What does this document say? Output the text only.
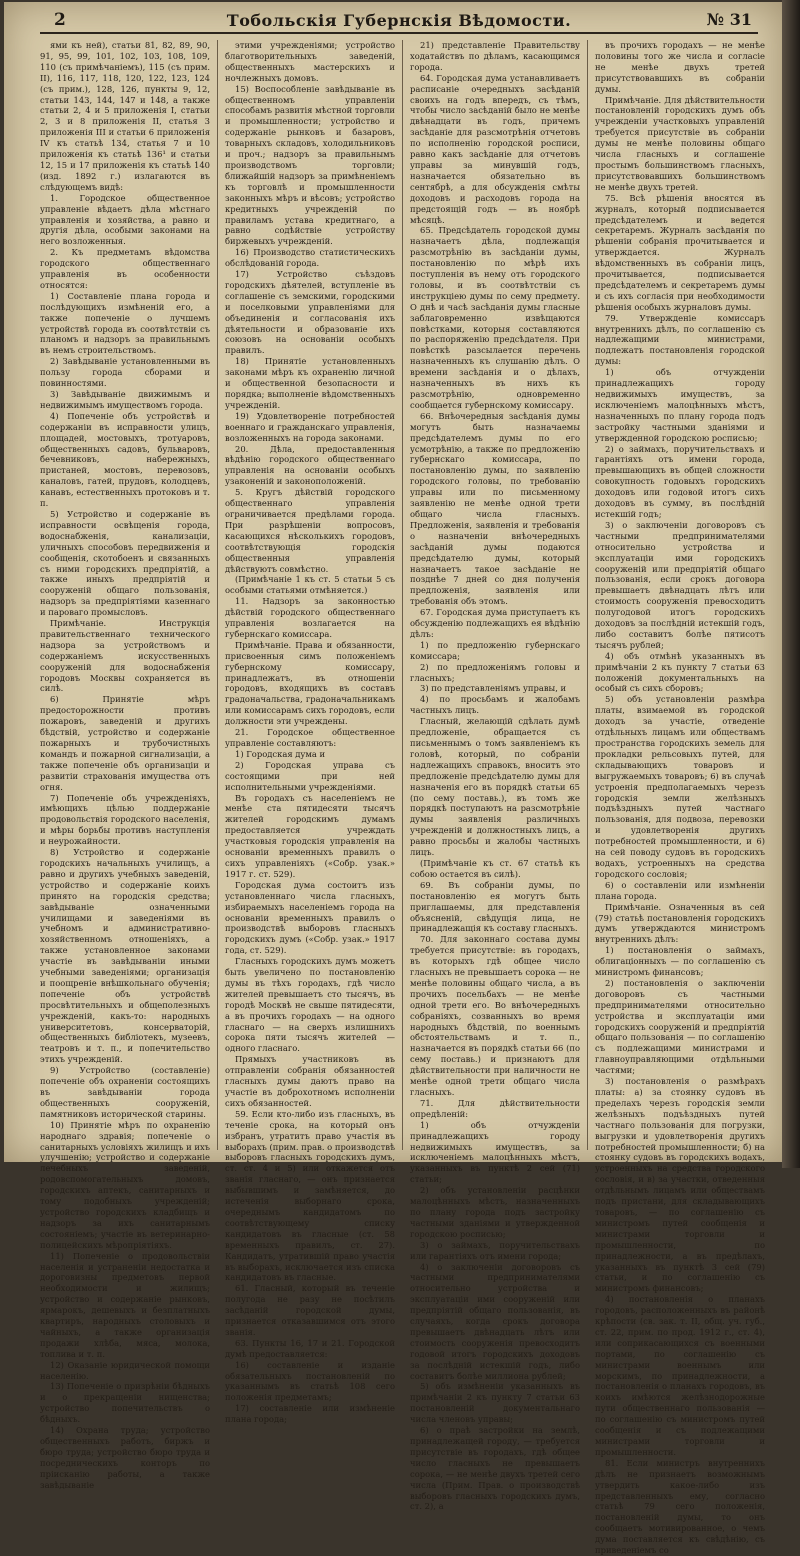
2	Тобольскія Губернскія Вѣдомости.	№ 31

ями къ ней), статьи 81, 82, 89, 90, 91, 95, 99, 101, 102, 103, 108, 109, 110 (съ примѣчаніемъ), 115 (съ прим. II), 116, 117, 118, 120, 122, 123, 124 (съ прим.), 128, 126, пункты 9, 12, статьи 143, 144, 147 и 148, а также статьи 2, 4 и 5 приложенія I, статьи 2, 3 и 8 приложенія II, статья 3 приложенія III и статьи 6 приложенія IV къ статьѣ 134, статья 7 и 10 приложенія къ статьѣ 136¹ и статьи 12, 15 и 17 приложенія къ статьѣ 140 (изд. 1892 г.) излагаются въ слѣдующемъ видѣ:

1. Городское общественное управленіе вѣдаетъ дѣла мѣстнаго управленія и хозяйства, а равно и другія дѣла, особыми законами на него возложенныя.

2. Къ предметамъ вѣдомства городского общественнаго управленія въ особенности относятся:

1) Составленіе плана города и послѣдующихъ измѣненій его, а также попеченіе о лучшемъ устройствѣ города въ соотвѣтствіи съ планомъ и надзоръ за правильнымъ въ немъ строительствомъ.

2) Завѣдываніе установленными въ пользу города сборами и повинностями.

3) Завѣдываніе движимымъ и недвижимымъ имуществомъ города.

4) Попеченіе объ устройствѣ и содержаніи въ исправности улицъ, площадей, мостовыхъ, тротуаровъ, общественныхъ садовъ, бульваровъ, бечевниковъ, набережныхъ, пристаней, мостовъ, перевозовъ, каналовъ, гатей, прудовъ, колодцевъ, канавъ, естественныхъ протоковъ и т. п.

5) Устройство и содержаніе въ исправности освѣщенія города, водоснабженія, канализаціи, уличныхъ способовъ передвиженія и сообщенія, скотобоенъ и связанныхъ съ ними городскихъ предпріятій, а также иныхъ предпріятій и сооруженій общаго пользованія, надзоръ за предпріятіями казеннаго и пароваго промысловъ.

Примѣчаніе. Инструкція правительственнаго технического надзора за устройствомъ и содержаніемъ искусственныхъ сооруженій для водоснабженія городовъ Москвы сохраняется въ силѣ.

6) Принятіе мѣръ предосторожности противъ пожаровъ, заведеній и другихъ бѣдствій, устройство и содержаніе пожарныхъ и трубочистныхъ командъ и пожарной сигнализаціи, а также попеченіе объ организаціи и развитіи страхованія имущества отъ огня.

7) Попеченіе объ учрежденіяхъ, имѣющихъ цѣлью поддержаніе продовольствія городского населенія, и мѣры борьбы противъ наступленія и неурожайности.

8) Устройство и содержаніе городскихъ начальныхъ училищъ, а равно и другихъ учебныхъ заведеній, устройство и содержаніе коихъ принято на городскія средства; завѣдываніе означенными училищами и заведеніями въ учебномъ и административно-хозяйственномъ отношеніяхъ, а также установленное законами участіе въ завѣдываніи иными учебными заведеніями; организація и поощреніе внѣшкольнаго обученія; попеченіе объ устройствѣ просвѣтительныхъ и общеполезныхъ учрежденій, какъ-то: народныхъ университетовъ, консерваторій, общественныхъ библіотекъ, музеевъ, театровъ и т. п., и попечительство этихъ учрежденій.

9) Устройство (составленіе) попеченіе объ охраненіи состоящихъ въ завѣдываніи города общественныхъ сооруженій, памятниковъ исторической старины.

10) Принятіе мѣръ по охраненію народнаго здравія; попеченіе о санитарныхъ условіяхъ жилищъ и ихъ улучшенію; устройство и содержаніе лечебныхъ заведеній, родовспомогательныхъ домовъ, городскихъ аптекъ, санитарныхъ и тому подобныхъ учрежденій; устройство городскихъ кладбищъ и надзоръ за ихъ санитарнымъ состояніемъ; участіе въ ветеринарно-полицейскихъ мѣропріятіяхъ.

11) Попеченіе о продовольствіи населенія и устраненіи недостатка и дороговизны предметовъ первой необходимости и жилищъ; устройство и содержаніе рынковъ, ярмарокъ, дешевыхъ и безплатныхъ квартиръ, народныхъ столовыхъ и чайныхъ, а также организація продажи хлѣба, мяса, молока, топлива и т. п.

12) Оказаніе юридической помощи населенію.

13) Попеченіе о призрѣніи бѣдныхъ и о прекращеніи нищенства; устройство попечительствъ о бѣдныхъ.

14) Охрана труда; устройство общественныхъ работъ, биржъ и бюро труда; устройство бюро труда и посредническихъ конторъ по пріисканію работы, а также завѣдываніе

этими учрежденіями; устройство благотворительныхъ заведеній, общественныхъ мастерскихъ и ночлежныхъ домовъ.

15) Воспособленіе завѣдываніе въ общественномъ управленіи способамъ развитія мѣстной торговли и промышленности; устройство и содержаніе рынковъ и базаровъ, товарныхъ складовъ, холодильниковъ и проч.; надзоръ за правильнымъ производствомъ торговли; ближайшій надзоръ за примѣненіемъ къ торговлѣ и промышленности законныхъ мѣръ и вѣсовъ; устройство кредитныхъ учрежденій по правиламъ устава кредитнаго, а равно содѣйствіе устройству биржевыхъ учрежденій.

16) Производство статистическихъ обслѣдованій города.

17) Устройство съѣздовъ городскихъ дѣятелей, вступленіе въ соглашеніе съ земскими, городскими и поселковыми управленіями для объединенія и согласованія ихъ дѣятельности и образованіе ихъ союзовъ на основаніи особыхъ правилъ.

18) Принятіе установленныхъ законами мѣръ къ охраненію личной и общественной безопасности и порядка; выполненіе вѣдомственныхъ учрежденій.

19) Удовлетвореніе потребностей военнаго и гражданскаго управленія, возложенныхъ на города законами.

20. Дѣла, предоставленныя вѣдѣнію городского общественнаго управленія на основаніи особыхъ узаконеній и законоположеній.

5. Кругъ дѣйствій городского общественнаго управленія ограничивается предѣлами города. При разрѣшеніи вопросовъ, касающихся нѣсколькихъ городовъ, соотвѣтствующія городскія общественныя управленія дѣйствуютъ совмѣстно.

(Примѣчаніе 1 къ ст. 5 статьи 5 съ особыми статьями отмѣняется.)

11. Надзоръ за законностью дѣйствій городского общественнаго управленія возлагается на губернскаго комиссара.

Примѣчаніе. Права и обязанности, присвоенныя симъ положеніемъ губернскому комиссару, принадлежатъ, въ отношеніи городовъ, входящихъ въ составъ градоначальства, градоначальникамъ или комиссарамъ сихъ городовъ, если должности эти учреждены.

21. Городское общественное управленіе составляютъ:

1) Городская дума и

2) Городская управа съ состоящими при ней исполнительными учрежденіями.

Въ городахъ съ населеніемъ не менѣе ста пятидесяти тысячъ жителей городскимъ думамъ предоставляется учреждать участковыя городскія управленія на основаніи временныхъ правилъ о сихъ управленіяхъ («Собр. узак.» 1917 г. ст. 529).

Городская дума состоитъ изъ установленнаго числа гласныхъ, избираемыхъ населеніемъ города на основаніи временныхъ правилъ о производствѣ выборовъ гласныхъ городскихъ думъ («Собр. узак.» 1917 года, ст. 529).

Гласныхъ городскихъ думъ можетъ быть увеличено по постановленію думы въ тѣхъ городахъ, гдѣ число жителей превышаетъ сто тысячъ, въ городѣ Москвѣ не свыше пятидесяти, а въ прочихъ городахъ — на одного гласнаго — на сверхъ излишнихъ сорока пяти тысячъ жителей — одного гласнаго.

Прямыхъ участниковъ въ отправленіи собранія обязанностей гласныхъ думы даютъ право на участіе въ доброхотномъ исполненіи сихъ обязанностей.

59. Если кто-либо изъ гласныхъ, въ теченіе срока, на который онъ избранъ, утратитъ право участія въ выборахъ (прим. прав. о производствѣ выборовъ гласныхъ городскихъ думъ, ст. ст. 4 и 5) или откажется отъ званія гласнаго, — онъ признается выбывшимъ и замѣняется, до истеченія выборнаго срока, очереднымъ кандидатомъ по соотвѣтствующему списку кандидатовъ въ гласные (ст. 58 временныхъ правилъ, ст. 27). Кандидатъ, утратившій право участія въ выборахъ, исключается изъ списка кандидатовъ въ гласные.

61. Гласный, который въ теченіе полугода не разу не посѣтилъ засѣданій городской думы, признается отказавшимся отъ этого званія.

63. Пункты 16, 17 и 21. Городской думѣ предоставляется:

16) составленіе и изданіе обязательныхъ постановленій по указаннымъ въ статьѣ 108 сего положенія предметамъ;

17) составленіе или измѣненіе плана города;

21) представленіе Правительству ходатайствъ по дѣламъ, касающимся города.

64. Городская дума устанавливаетъ расписаніе очередныхъ засѣданій своихъ на годъ впередъ, съ тѣмъ, чтобы число засѣданій было не менѣе двѣнадцати въ годъ, причемъ засѣданіе для разсмотрѣнія отчетовъ по исполненію городской росписи, равно какъ засѣданіе для отчетовъ управы за минувшій годъ, назначается обязательно въ сентябрѣ, а для обсужденія смѣты доходовъ и расходовъ города на предстоящій годъ — въ ноябрѣ мѣсяцѣ.

65. Предсѣдатель городской думы назначаетъ дѣла, подлежащія разсмотрѣнію въ засѣданіи думы, постановленію по мѣрѣ ихъ поступленія въ нему отъ городского головы, и въ соотвѣтствіи съ инструкціею думы по сему предмету. О днѣ и часѣ засѣданія думы гласные заблаговременно извѣщаются повѣстками, которыя составляются по распоряженію предсѣдателя. При повѣсткѣ разсылается перечень назначенныхъ къ слушанію дѣлъ. О времени засѣданія и о дѣлахъ, назначенныхъ въ нихъ къ разсмотрѣнію, одновременно сообщается губернскому комиссару.

66. Внѣочередныя засѣданія думы могутъ быть назначаемы предсѣдателемъ думы по его усмотрѣнію, а также по предложенію губернскаго комиссара, по постановленію думы, по заявленію городского головы, по требованію управы или по письменному заявленію не менѣе одной трети общаго числа гласныхъ. Предложенія, заявленія и требованія о назначеніи внѣочередныхъ засѣданій думы подаются предсѣдателю думы, который назначаетъ такое засѣданіе не позднѣе 7 дней со дня полученія предложенія, заявленія или требованія объ этомъ.

67. Городская дума приступаетъ къ обсужденію подлежащихъ ея вѣдѣнію дѣлъ:

1) по предложенію губернскаго комиссара;

2) по предложеніямъ головы и гласныхъ;

3) по представленіямъ управы, и

4) по просьбамъ и жалобамъ частныхъ лицъ.

Гласный, желающій сдѣлать думѣ предложеніе, обращается съ письменнымъ о томъ заявленіемъ къ головѣ, который, по собраніи надлежащихъ справокъ, вноситъ это предложеніе предсѣдателю думы для назначенія его въ порядкѣ статьи 65 (по сему поставь.), въ томъ же порядкѣ поступаютъ на разсмотрѣніе думы заявленія различныхъ учрежденій и должностныхъ лицъ, а равно просьбы и жалобы частныхъ лицъ.

(Примѣчаніе къ ст. 67 статьѣ къ собою остается въ силѣ).

69. Въ собраніи думы, по постановленію ея могутъ быть приглашаемы, для представленія объясненій, свѣдущія лица, не принадлежащія къ составу гласныхъ.

70. Для законнаго состава думы требуется присутствіе: въ городахъ, въ которыхъ гдѣ общее число гласныхъ не превышаетъ сорока — не менѣе половины общаго числа, а въ прочихъ посельбахъ — не менѣе одной трети его. Во внѣочередныхъ собраніяхъ, созванныхъ во время народныхъ бѣдствій, по военнымъ обстоятельствамъ и т. п., назначается въ порядкѣ статьи 66 (по сему поставь.) и признаютъ для дѣйствительности при наличности не менѣе одной трети общаго числа гласныхъ.

71. Для дѣйствительности опредѣленій:

1) объ отчужденіи принадлежащихъ городу недвижимыхъ имуществъ, за исключеніемъ малоцѣнныхъ мѣстъ, указанныхъ въ пунктѣ 2 сей (71) статьи;

2) объ установленіи расцѣнки малоцѣнныхъ мѣстъ, назначенныхъ по плану города подъ застройку частными зданіями и утвержденной городскою росписью;

3) о займахъ, поручительствахъ или гарантіяхъ отъ имени города;

4) о заключеніи договоровъ съ частными предпринимателями относительно устройства и эксплуатаціи ими сооруженій или предпріятій общаго пользованія, въ случаяхъ, когда срокъ договора превышаетъ двѣнадцать лѣтъ или стоимость сооруженія превосходитъ годовой итогъ городскихъ доходовъ за послѣдній истекшій годъ, либо составитъ болѣе миллиона рублей;

5) объ измѣненіи указанныхъ въ примѣчаніи 2 къ пункту 7 статьи 63 постановленій документальнаго числа членовъ управы;

6) о праѣ застройки на землѣ, принадлежащей городу, — требуется присутствіе въ городахъ, гдѣ общее число гласныхъ не превышаетъ сорока, — не менѣе двухъ третей сего числа (Прим. Прав. о производствѣ выборовъ гласныхъ городскихъ думъ, ст. 2), а

въ прочихъ городахъ — не менѣе половины того же числа и согласіе не менѣе двухъ третей присутствовавшихъ въ собраніи думы.

Примѣчаніе. Для дѣйствительности постановленій городскихъ думъ объ учрежденіи участковыхъ управленій требуется присутствіе въ собраніи думы не менѣе половины общаго числа гласныхъ и соглашеніе простымъ большинствомъ гласныхъ, присутствовавшихъ большинствомъ не менѣе двухъ третей.

75. Всѣ рѣшенія вносятся въ журналъ, который подписывается предсѣдателемъ и ведется секретаремъ. Журналъ засѣданія по рѣшеніи собранія прочитывается и утверждается. Журналъ вѣдомственныхъ въ собраніи лицъ, прочитывается, подписывается предсѣдателемъ и секретаремъ думы и съ ихъ согласія при необходимости рѣшенія особыхъ журналовъ думы.

79. Утвержденіе комиссаръ внутреннихъ дѣлъ, по соглашенію съ надлежащими министрами, подлежатъ постановленія городской думы:

1) объ отчужденіи принадлежащихъ городу недвижимыхъ имуществъ, за исключеніемъ малоцѣнныхъ мѣстъ, назначенныхъ по плану города подъ застройку частными зданіями и утвержденной городскою росписью;

2) о займахъ, поручительствахъ и гарантіяхъ отъ имени города, превышающихъ въ общей сложности совокупность годовыхъ городскихъ доходовъ или годовой итогъ сихъ доходовъ въ сумму, въ послѣдній истекшій годъ;

3) о заключеніи договоровъ съ частными предпринимателями относительно устройства и эксплуатаціи ими городскихъ сооруженій или предпріятій общаго пользованія, если срокъ договора превышаетъ двѣнадцать лѣтъ или стоимость сооруженія превосходитъ полугодовой итогъ городскихъ доходовъ за послѣдній истекшій годъ, либо составитъ болѣе пятисотъ тысячъ рублей;

4) объ отмѣнѣ указанныхъ въ примѣчаніи 2 къ пункту 7 статьи 63 положеній документальныхъ на особый съ сихъ сборовъ;

5) объ установленіи размѣра платы, взимаемой въ городской доходъ за участіе, отведеніе отдѣльныхъ лицамъ или обществамъ пространства городскихъ земель для прокладки рельсовыхъ путей, для складывающихъ товаровъ и выгружаемыхъ товаровъ; 6) въ случаѣ устроенія предполагаемыхъ черезъ городскія земли желѣзныхъ подъѣздныхъ путей частнаго пользованія, для подвоза, перевозки и удовлетворенія другихъ потребностей промышленности, и 6) на сей поводу судовъ въ городскихъ водахъ, устроенныхъ на средства городского сословія;

6) о составленіи или измѣненіи плана города.

Примѣчаніе. Означенныя въ сей (79) статьѣ постановленія городскихъ думъ утверждаются министромъ внутреннихъ дѣлъ:

1) постановленія о займахъ, облигаціонныхъ — по соглашенію съ министромъ финансовъ;

2) постановленія о заключеніи договоровъ съ частными предпринимателями относительно устройства и эксплуатаціи ими городскихъ сооруженій и предпріятій общаго пользованія — по соглашенію съ подлежащими министрами и главноуправляющими отдѣльными частями;

3) постановленія о размѣрахъ платы: а) за стоянку судовъ въ пределахъ черезъ городскія земли желѣзныхъ подъѣздныхъ путей частнаго пользованія для погрузки, выгрузки и удовлетворенія другихъ потребностей промышленности; б) на стоянку судовъ въ городскихъ водахъ, устроенныхъ на средства городского сословія, и в) за участки, отведенныя отдѣльнымъ лицамъ или обществамъ подъ пристани, для складывающихъ товаровъ, — по соглашенію съ министромъ путей сообщенія и министрами торговли и промышленности, по принадлежности, а въ предѣлахъ, указанныхъ въ пунктѣ 3 сей (79) статьи, и по соглашенію съ министромъ финансовъ;

4) постановленія о планахъ городовъ, расположенныхъ въ районѣ крѣпости (св. зак. т. II, общ. уч. губ., ст. 22, прим. по прод. 1912 г., ст. 4), или соприкасающихся съ военными портами, по соглашенію съ министрами военнымъ или морскимъ, по принадлежности, а постановленія о планахъ городовъ, въ коихъ имѣются желѣзнодорожные пути общественнаго пользованія — по соглашенію съ министромъ путей сообщенія и съ подлежащими министрами торговли и промышленности.

81. Если министръ внутреннихъ дѣлъ не признаетъ возможнымъ утвердить какое-либо изъ представленныхъ ему, согласно статьѣ 79 сего положенія, постановленій думы, то онъ сообщаетъ мотивированное, о чемъ дума поставляется къ свѣдѣнію, съ приведеніемъ со
